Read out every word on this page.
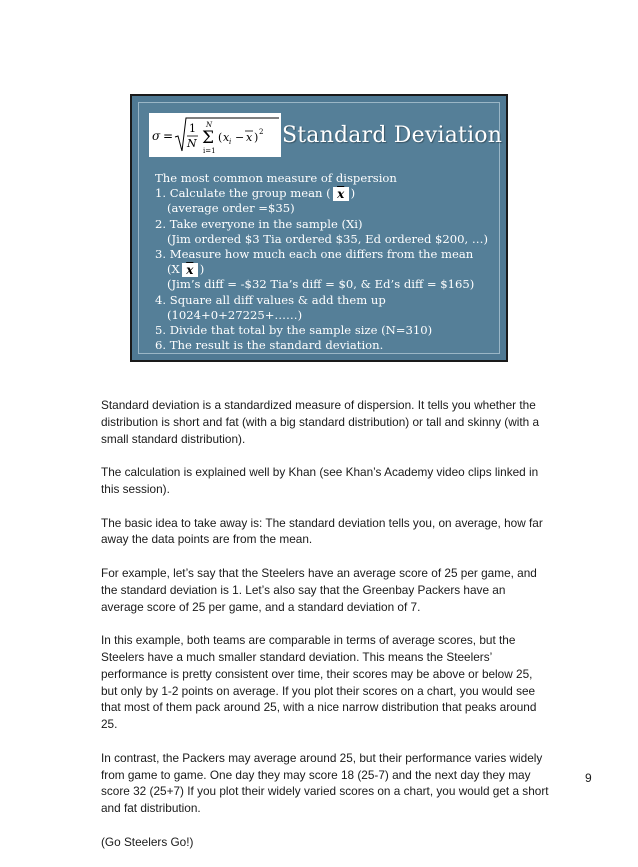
σ =
1
N
N
Σ
i=1
( x i − x ) 2 Standard Deviation
The most common measure of dispersion
1. Calculate the group mean ( $\overline{x}$ )
(average order =$35)
2. Take everyone in the sample (Xi)
(Jim ordered $3 Tia ordered $35, Ed ordered $200, …)
3. Measure how much each one differs from the mean
(X $\overline{x}$ )
(Jim’s diff = -$32 Tia’s diff = $0, & Ed’s diff = $165)
4. Square all diff values & add them up
(1024+0+27225+……)
5. Divide that total by the sample size (N=310)
6. The result is the standard deviation.

Standard deviation is a standardized measure of dispersion. It tells you whether the distribution is short and fat (with a big standard distribution) or tall and skinny (with a small standard distribution).

The calculation is explained well by Khan (see Khan’s Academy video clips linked in this session).

The basic idea to take away is: The standard deviation tells you, on average, how far away the data points are from the mean.

For example, let’s say that the Steelers have an average score of 25 per game, and the standard deviation is 1. Let’s also say that the Greenbay Packers have an average score of 25 per game, and a standard deviation of 7.

In this example, both teams are comparable in terms of average scores, but the Steelers have a much smaller standard deviation. This means the Steelers’ performance is pretty consistent over time, their scores may be above or below 25, but only by 1-2 points on average. If you plot their scores on a chart, you would see that most of them pack around 25, with a nice narrow distribution that peaks around 25.

In contrast, the Packers may average around 25, but their performance varies widely from game to game. One day they may score 18 (25-7) and the next day they may score 32 (25+7) If you plot their widely varied scores on a chart, you would get a short and fat distribution.

(Go Steelers Go!)

9
